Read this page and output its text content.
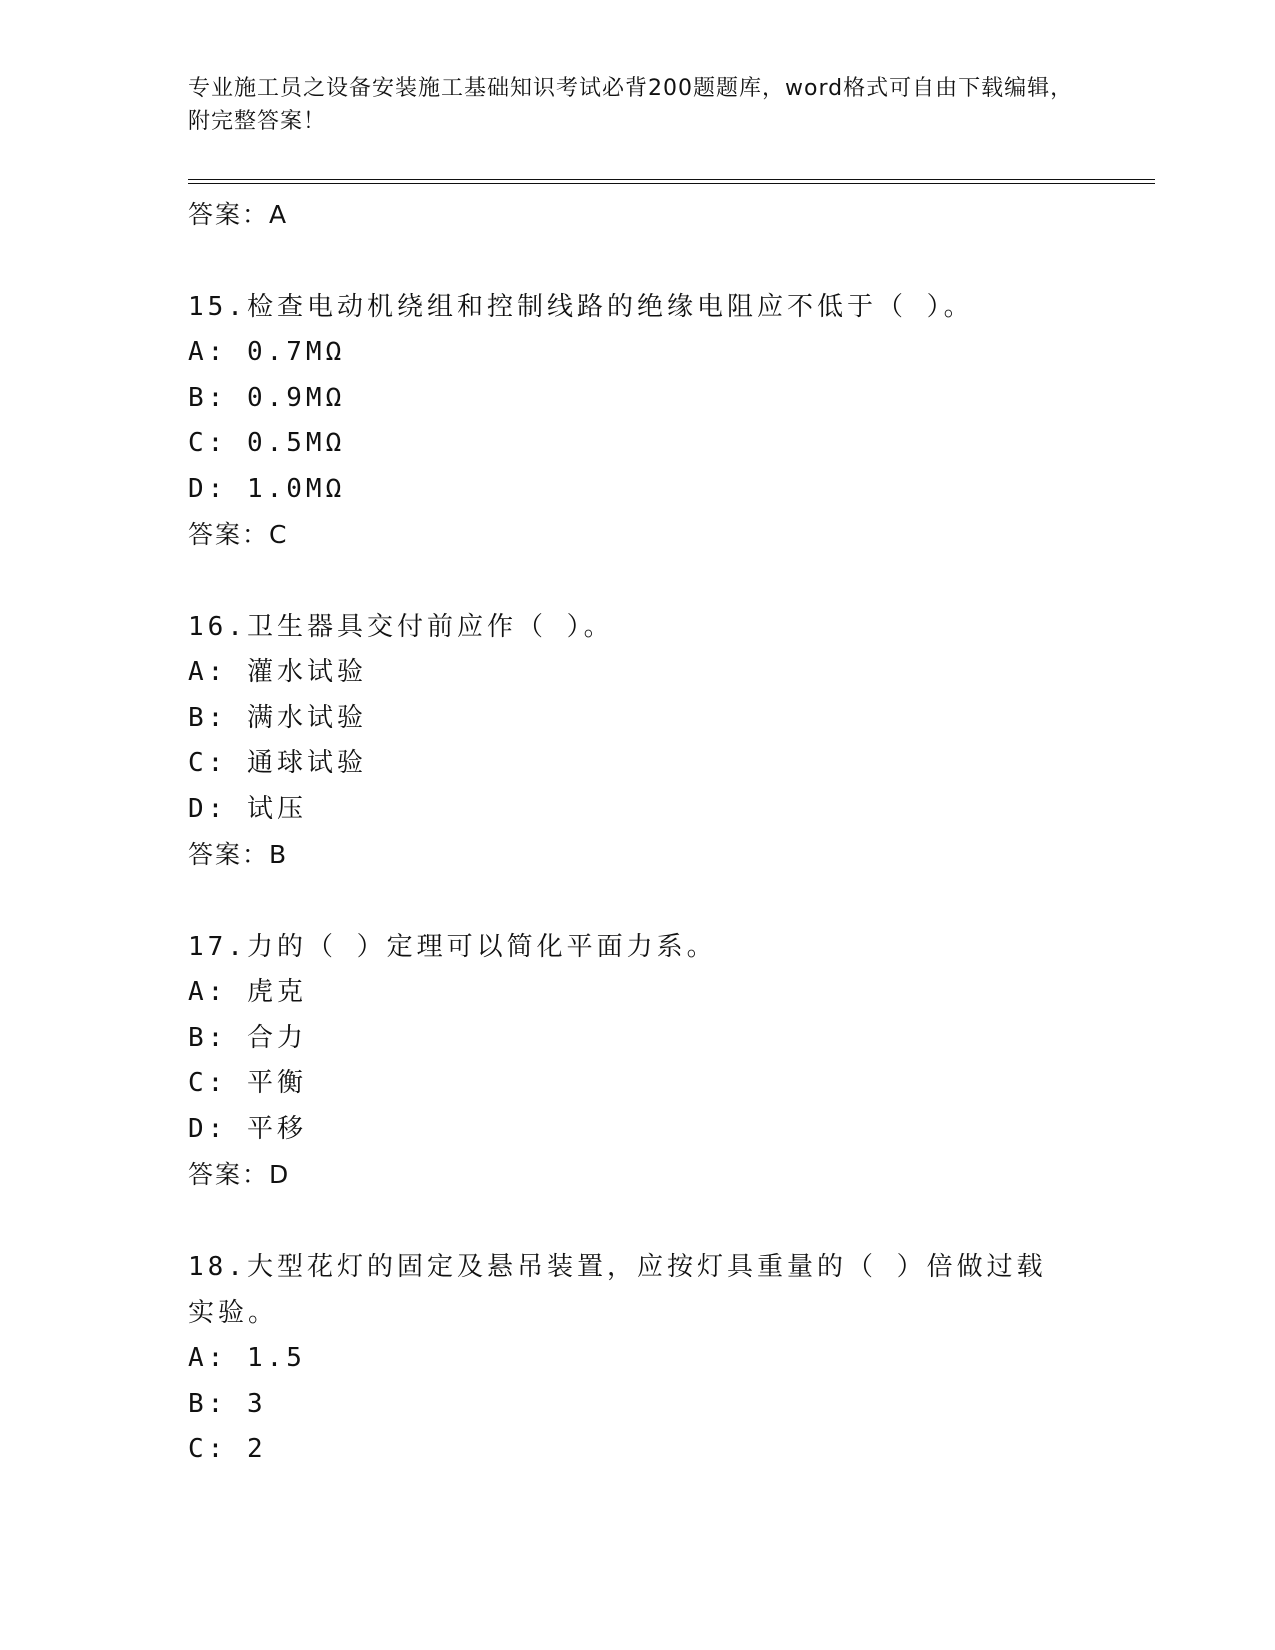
专业施工员之设备安装施工基础知识考试必背200题题库，word格式可自由下载编辑，附完整答案！
答案：A
15.检查电动机绕组和控制线路的绝缘电阻应不低于（ ）。
A: 0.7MΩ
B: 0.9MΩ
C: 0.5MΩ
D: 1.0MΩ
答案：C
16.卫生器具交付前应作（ ）。
A: 灌水试验
B: 满水试验
C: 通球试验
D: 试压
答案：B
17.力的（ ）定理可以简化平面力系。
A: 虎克
B: 合力
C: 平衡
D: 平移
答案：D
18.大型花灯的固定及悬吊装置，应按灯具重量的（ ）倍做过载实验。
A: 1.5
B: 3
C: 2
